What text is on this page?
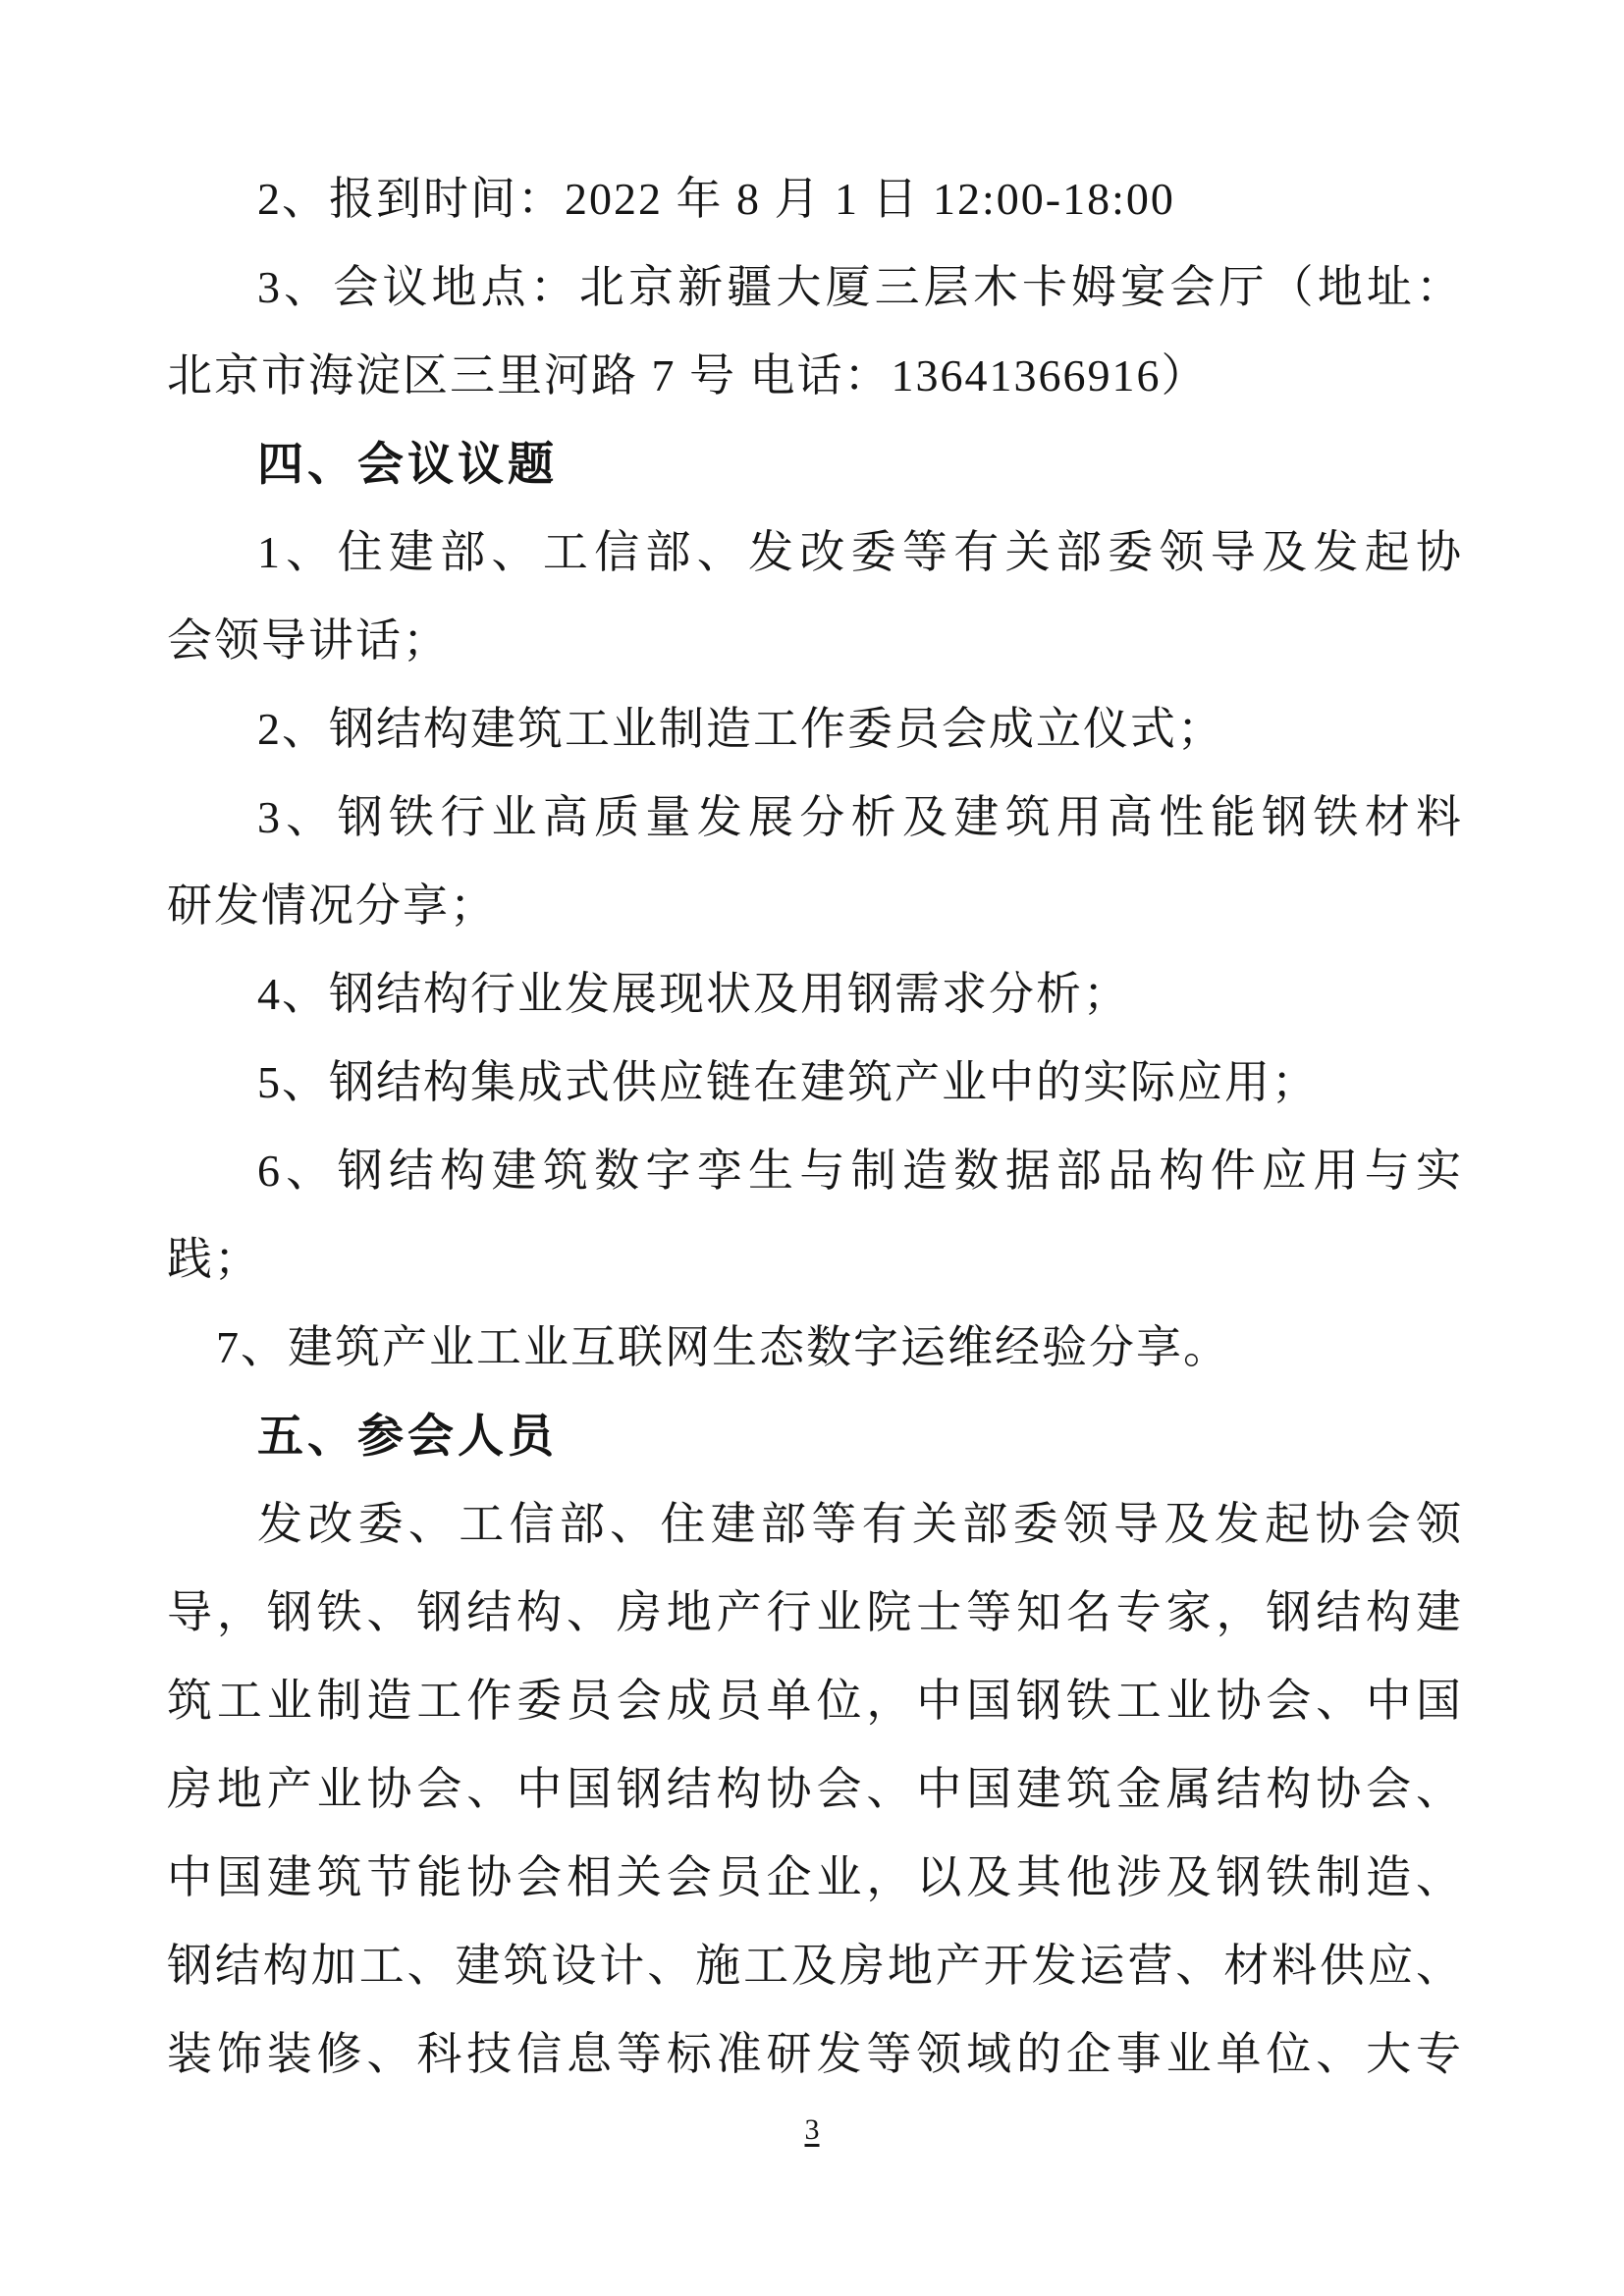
2、报到时间：2022 年 8 月 1 日 12:00-18:00
3、会议地点：北京新疆大厦三层木卡姆宴会厅（地址：
北京市海淀区三里河路 7 号 电话：13641366916）
四、会议议题
1、住建部、工信部、发改委等有关部委领导及发起协
会领导讲话；
2、钢结构建筑工业制造工作委员会成立仪式；
3、钢铁行业高质量发展分析及建筑用高性能钢铁材料
研发情况分享；
4、钢结构行业发展现状及用钢需求分析；
5、钢结构集成式供应链在建筑产业中的实际应用；
6、钢结构建筑数字孪生与制造数据部品构件应用与实
践；
7、建筑产业工业互联网生态数字运维经验分享。
五、参会人员
发改委、工信部、住建部等有关部委领导及发起协会领
导，钢铁、钢结构、房地产行业院士等知名专家，钢结构建
筑工业制造工作委员会成员单位，中国钢铁工业协会、中国
房地产业协会、中国钢结构协会、中国建筑金属结构协会、
中国建筑节能协会相关会员企业，以及其他涉及钢铁制造、
钢结构加工、建筑设计、施工及房地产开发运营、材料供应、
装饰装修、科技信息等标准研发等领域的企事业单位、大专
3
